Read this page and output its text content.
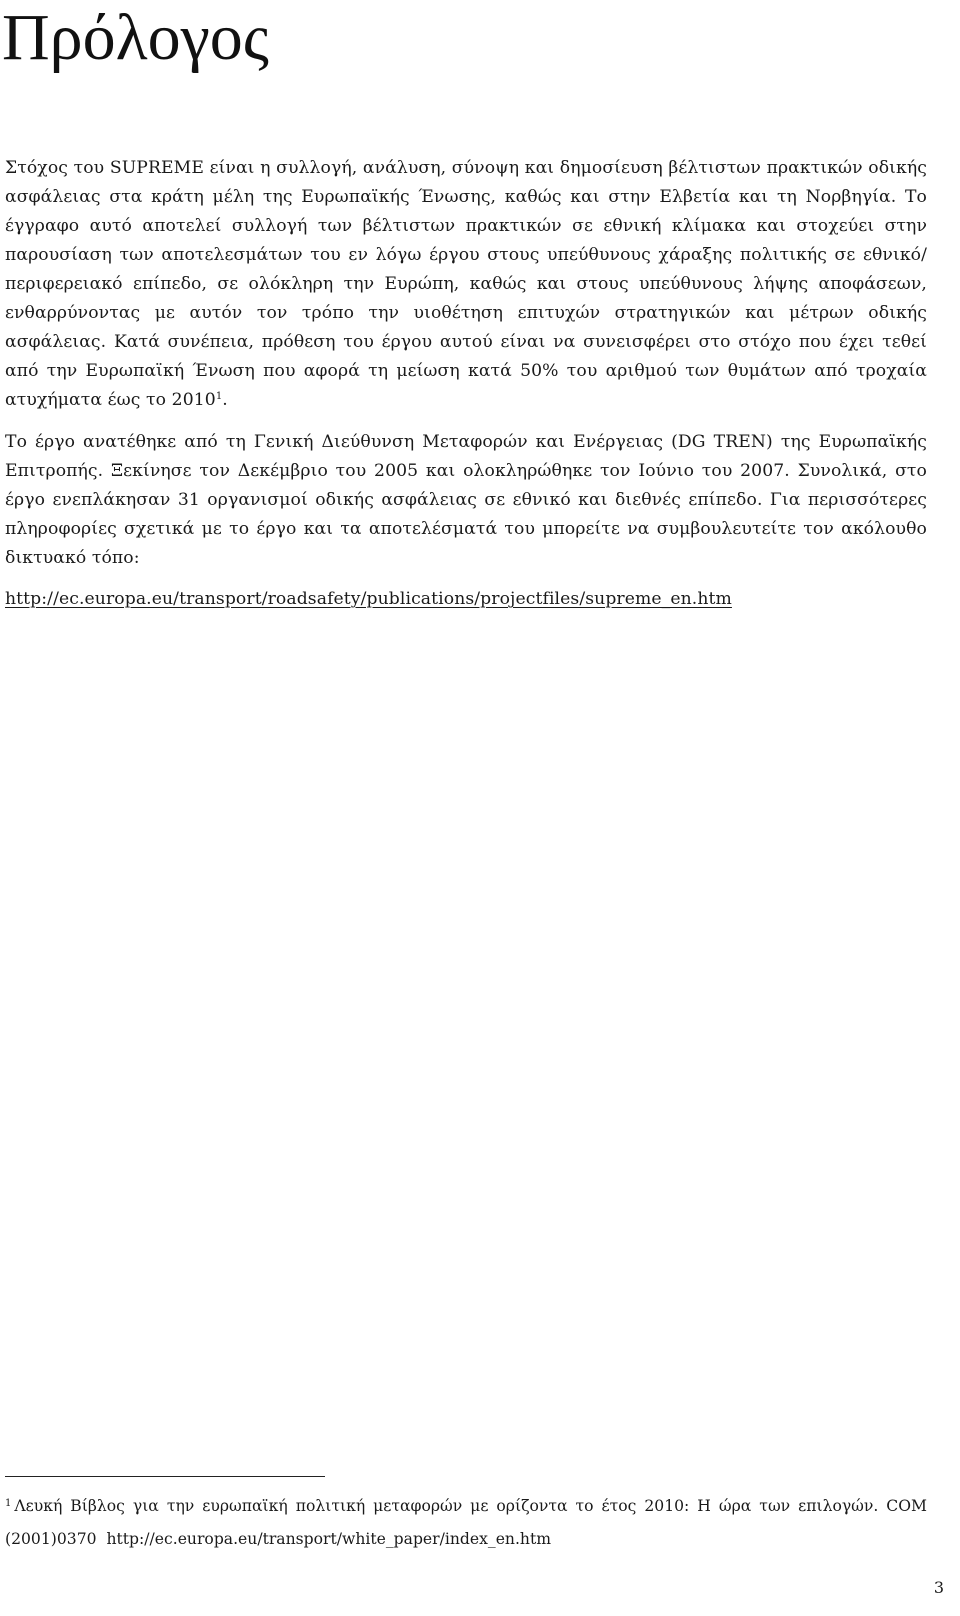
Πρόλογος

Στόχος του SUPREME είναι η συλλογή, ανάλυση, σύνοψη και δημοσίευση βέλτιστων πρακτικών οδικής ασφάλειας στα κράτη μέλη της Ευρωπαϊκής Ένωσης, καθώς και στην Ελβετία και τη Νορβηγία. Το έγγραφο αυτό αποτελεί συλλογή των βέλτιστων πρακτικών σε εθνική κλίμακα και στοχεύει στην παρουσίαση των αποτελεσμάτων του εν λόγω έργου στους υπεύθυνους χάραξης πολιτικής σε εθνικό/περιφερειακό επίπεδο, σε ολόκληρη την Ευρώπη, καθώς και στους υπεύθυνους λήψης αποφάσεων, ενθαρρύνοντας με αυτόν τον τρόπο την υιοθέτηση επιτυχών στρατηγικών και μέτρων οδικής ασφάλειας. Κατά συνέπεια, πρόθεση του έργου αυτού είναι να συνεισφέρει στο στόχο που έχει τεθεί από την Ευρωπαϊκή Ένωση που αφορά τη μείωση κατά 50% του αριθμού των θυμάτων από τροχαία ατυχήματα έως το 2010$^1$.

Το έργο ανατέθηκε από τη Γενική Διεύθυνση Μεταφορών και Ενέργειας (DG TREN) της Ευρωπαϊκής Επιτροπής. Ξεκίνησε τον Δεκέμβριο του 2005 και ολοκληρώθηκε τον Ιούνιο του 2007. Συνολικά, στο έργο ενεπλάκησαν 31 οργανισμοί οδικής ασφάλειας σε εθνικό και διεθνές επίπεδο. Για περισσότερες πληροφορίες σχετικά με το έργο και τα αποτελέσματά του μπορείτε να συμβουλευτείτε τον ακόλουθο δικτυακό τόπο:

http://ec.europa.eu/transport/roadsafety/publications/projectfiles/supreme_en.htm

$^1$ Λευκή Βίβλος για την ευρωπαϊκή πολιτική μεταφορών με ορίζοντα το έτος 2010: Η ώρα των επιλογών. COM (2001)0370 http://ec.europa.eu/transport/white_paper/index_en.htm

3
